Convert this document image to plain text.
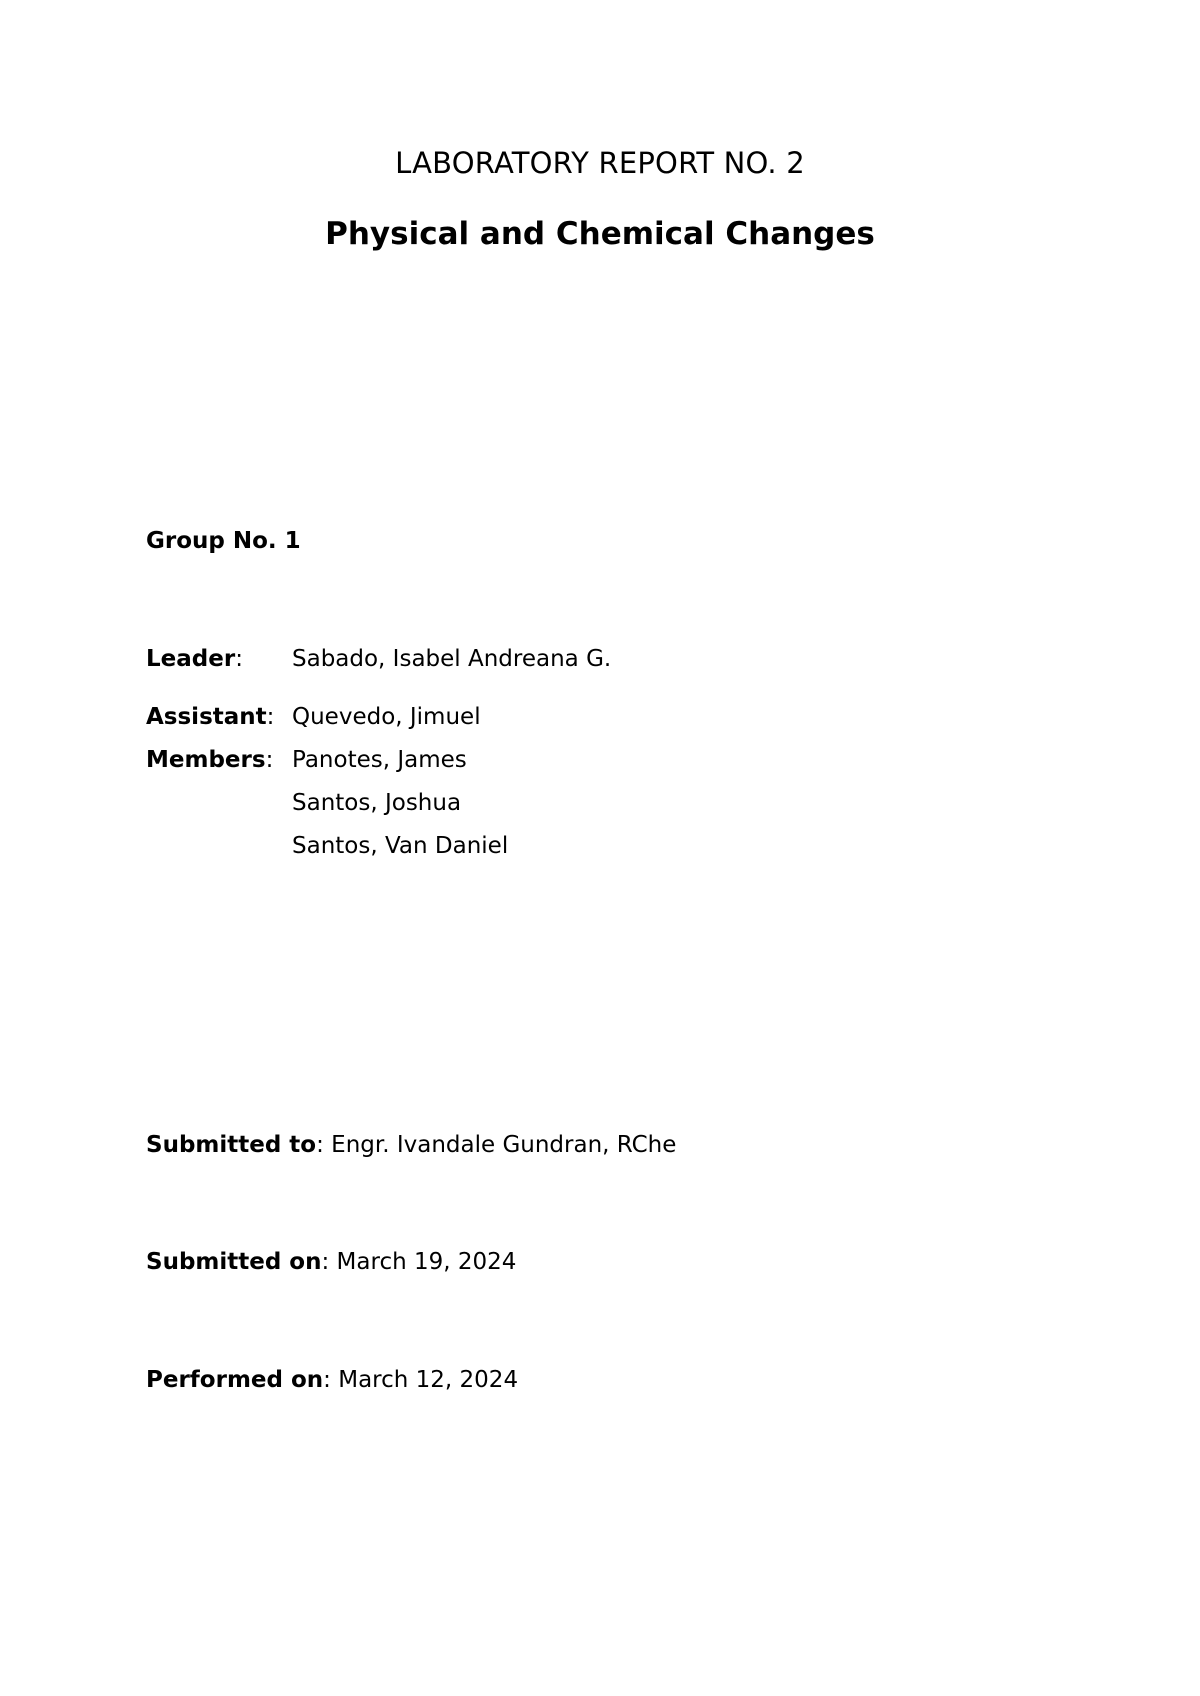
LABORATORY REPORT NO. 2
Physical and Chemical Changes
Group No. 1
Leader: Sabado, Isabel Andreana G.
Assistant: Quevedo, Jimuel
Members: Panotes, James
Santos, Joshua
Santos, Van Daniel
Submitted to: Engr. Ivandale Gundran, RChe
Submitted on: March 19, 2024
Performed on: March 12, 2024
